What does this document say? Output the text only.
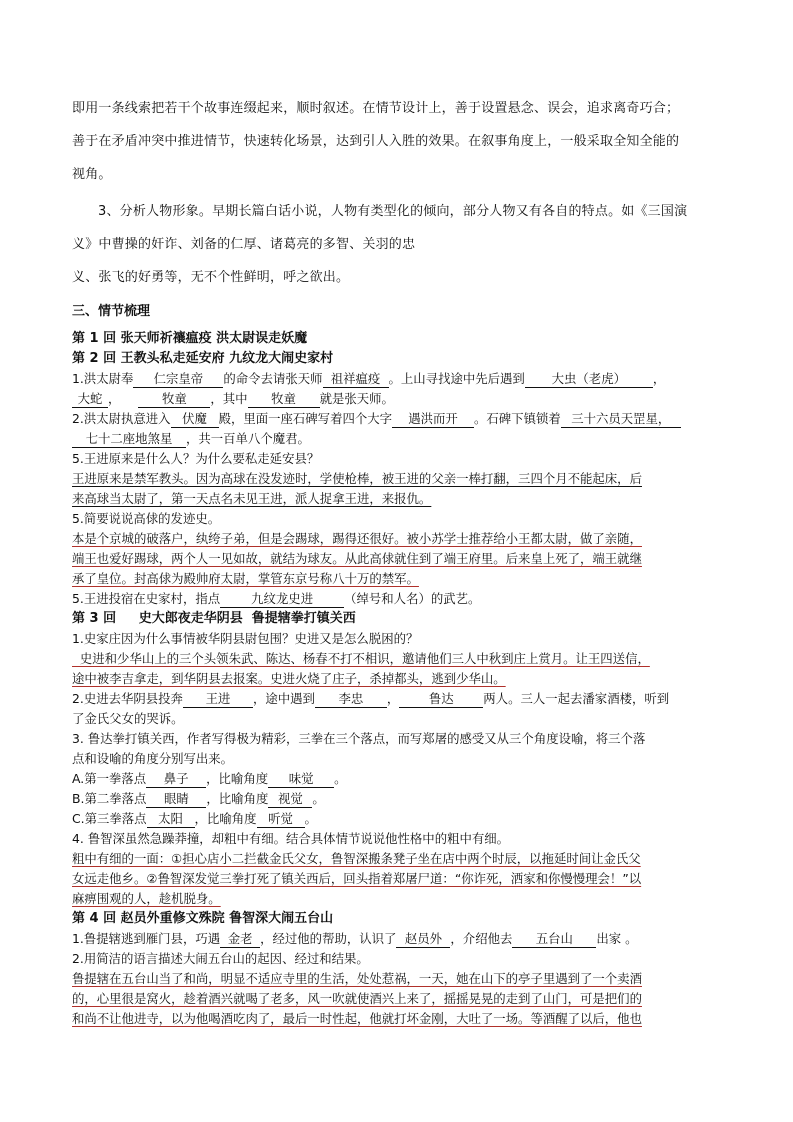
即用一条线索把若干个故事连缀起来，顺时叙述。在情节设计上，善于设置悬念、误会，追求离奇巧合；

善于在矛盾冲突中推进情节，快速转化场景，达到引人入胜的效果。在叙事角度上，一般采取全知全能的

视角。

3、分析人物形象。早期长篇白话小说，人物有类型化的倾向，部分人物又有各自的特点。如《三国演

义》中曹操的奸诈、刘备的仁厚、诸葛亮的多智、关羽的忠

义、张飞的好勇等，无不个性鲜明，呼之欲出。

三、情节梳理
第 1 回 张天师祈禳瘟疫 洪太尉误走妖魔
第 2 回 王教头私走延安府 九纹龙大闹史家村
1.洪太尉奉 仁宗皇帝 的命令去请张天师 祖祥瘟疫 。上山寻找途中先后遇到 大虫（老虎） ，
大蛇 ，	牧童 ，其中 牧童 就是张天师。
2.洪太尉执意进入 伏魔 殿，里面一座石碑写着四个大字 遇洪而开 。石碑下镇锁着 三十六员天罡星，
七十二座地煞星 ，共一百单八个魔君。
5.王进原来是什么人？为什么要私走延安县？
王进原来是禁军教头。因为高球在没发迹时，学使枪棒，被王进的父亲一棒打翻，三四个月不能起床，后
来高球当太尉了，第一天点名未见王进，派人捉拿王进，来报仇。
5.简要说说高俅的发迹史。
本是个京城的破落户，纨绔子弟，但是会踢球，踢得还很好。被小苏学士推荐给小王都太尉，做了亲随，
端王也爱好踢球，两个人一见如故，就结为球友。从此高俅就住到了端王府里。后来皇上死了，端王就继
承了皇位。封高俅为殿帅府太尉，掌管东京号称八十万的禁军。
5.王进投宿在史家村，指点	九纹龙史进	（绰号和人名）的武艺。
第 3 回     史大郎夜走华阴县  鲁提辖拳打镇关西
1.史家庄因为什么事情被华阴县尉包围？史进又是怎么脱困的？
史进和少华山上的三个头领朱武、陈达、杨春不打不相识，邀请他们三人中秋到庄上赏月。让王四送信，
途中被李吉拿走，到华阴县去报案。史进火烧了庄子，杀掉都头，逃到少华山。
2.史进去华阴县投奔 王进 ，途中遇到 李忠 ， 鲁达 两人。三人一起去潘家酒楼，听到
了金氏父女的哭诉。
3. 鲁达拳打镇关西，作者写得极为精彩，三拳在三个落点，而写郑屠的感受又从三个角度设喻，将三个落
点和设喻的角度分别写出来。
A.第一拳落点 鼻子 ，比喻角度 味觉 。
B.第二拳落点 眼睛 ，比喻角度 视觉 。
C.第三拳落点 太阳 ，比喻角度 听觉 。
4. 鲁智深虽然急躁莽撞，却粗中有细。结合具体情节说说他性格中的粗中有细。
粗中有细的一面：①担心店小二拦截金氏父女，鲁智深搬条凳子坐在店中两个时辰，以拖延时间让金氏父
女远走他乡。②鲁智深发觉三拳打死了镇关西后，回头指着郑屠尸道：“你诈死，洒家和你慢慢理会！”以
麻痹围观的人，趁机脱身。
第 4 回 赵员外重修文殊院 鲁智深大闹五台山
1.鲁提辖逃到雁门县，巧遇 金老 ，经过他的帮助，认识了 赵员外 ，介绍他去 五台山 出家 。
2.用简洁的语言描述大闹五台山的起因、经过和结果。
鲁提辖在五台山当了和尚，明显不适应寺里的生活，处处惹祸，一天，她在山下的亭子里遇到了一个卖酒
的，心里很是窝火，趁着酒兴就喝了老多，风一吹就使酒兴上来了，摇摇晃晃的走到了山门，可是把们的
和尚不让他进寺，以为他喝酒吃肉了，最后一时性起，他就打坏金刚，大吐了一场。等酒醒了以后，他也
